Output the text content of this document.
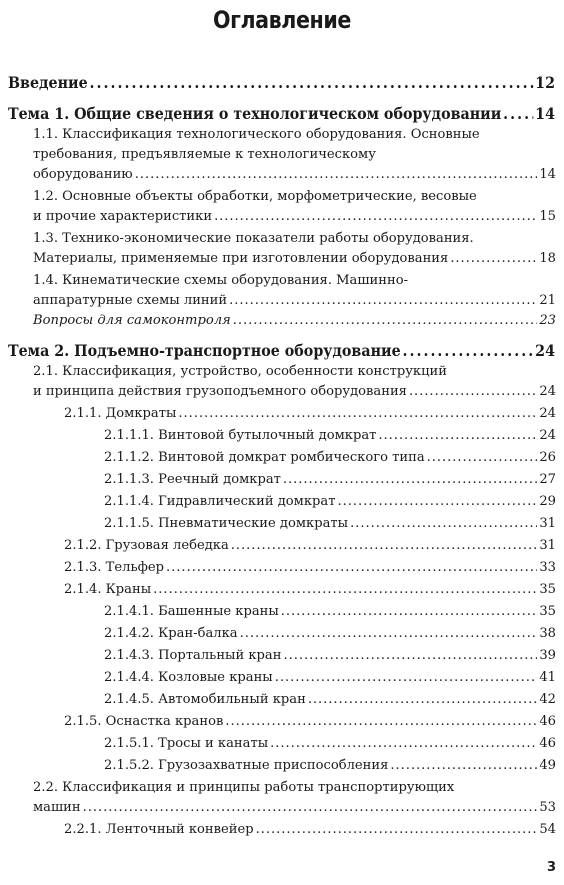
Оглавление
Введение . . .	12
Тема 1. Общие сведения о технологическом оборудовании . . . 14
1.1. Классификация технологического оборудования. Основные
требования, предъявляемые к технологическому
оборудованию . . .	14
1.2. Основные объекты обработки, морфометрические, весовые
и прочие характеристики . . .	15
1.3. Технико-экономические показатели работы оборудования.
Материалы, применяемые при изготовлении оборудования . . .	18
1.4. Кинематические схемы оборудования. Машинно-
аппаратурные схемы линий . . .	21
Вопросы для самоконтроля . . .	23
Тема 2. Подъемно-транспортное оборудование . . .	24
2.1. Классификация, устройство, особенности конструкций
и принципа действия грузоподъемного оборудования . . .	24
2.1.1. Домкраты . . .	24
2.1.1.1. Винтовой бутылочный домкрат . . .	24
2.1.1.2. Винтовой домкрат ромбического типа . . .	26
2.1.1.3. Реечный домкрат . . .	27
2.1.1.4. Гидравлический домкрат . . .	29
2.1.1.5. Пневматические домкраты . . .	31
2.1.2. Грузовая лебедка . . .	31
2.1.3. Тельфер . . .	33
2.1.4. Краны . . .	35
2.1.4.1. Башенные краны . . .	35
2.1.4.2. Кран-балка . . .	38
2.1.4.3. Портальный кран . . .	39
2.1.4.4. Козловые краны . . .	41
2.1.4.5. Автомобильный кран . . .	42
2.1.5. Оснастка кранов . . .	46
2.1.5.1. Тросы и канаты . . .	46
2.1.5.2. Грузозахватные приспособления . . .	49
2.2. Классификация и принципы работы транспортирующих
машин . . .	53
2.2.1. Ленточный конвейер . . .	54
3
